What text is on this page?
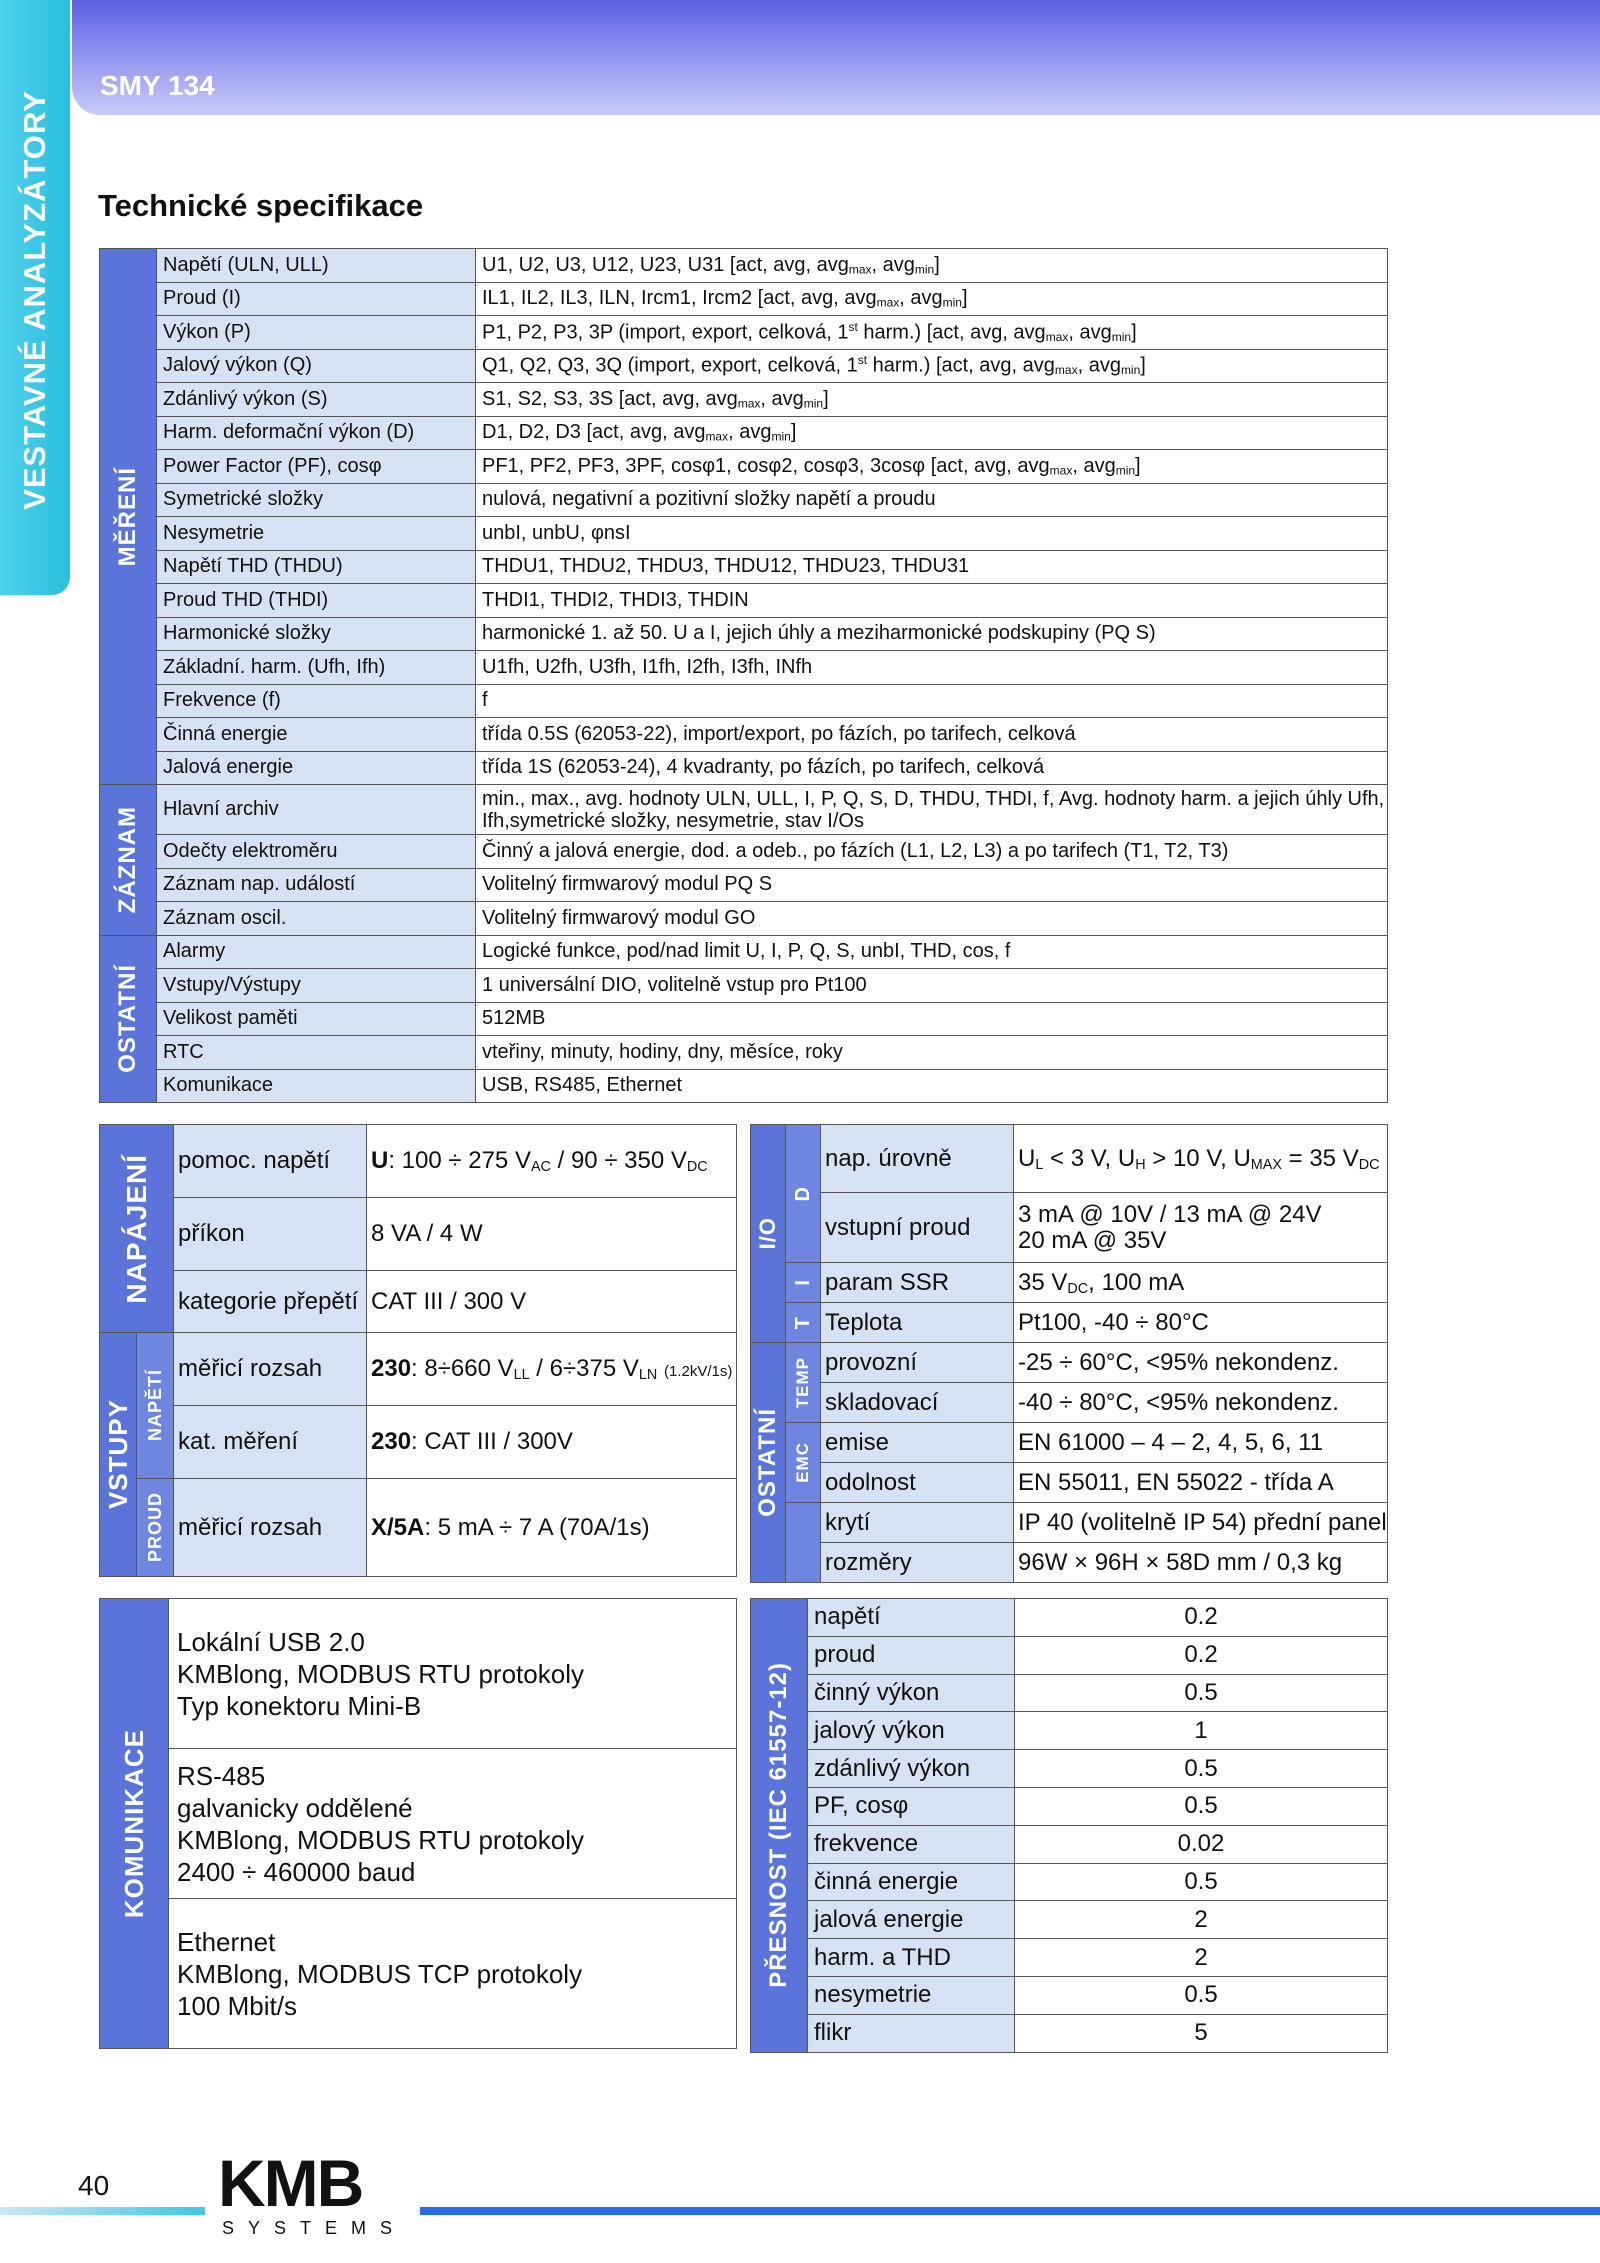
VESTAVNÉ ANALYZÁTORY
SMY 134
Technické specifikace
MĚŘENÍ	Napětí (ULN, ULL)	U1, U2, U3, U12, U23, U31 [act, avg, avg$_{max}$, avg$_{min}$]
	Proud (I)	IL1, IL2, IL3, ILN, Ircm1, Ircm2 [act, avg, avg$_{max}$, avg$_{min}$]
	Výkon (P)	P1, P2, P3, 3P (import, export, celková, 1st harm.) [act, avg, avg$_{max}$, avg$_{min}$]
	Jalový výkon (Q)	Q1, Q2, Q3, 3Q (import, export, celková, 1st harm.) [act, avg, avg$_{max}$, avg$_{min}$]
	Zdánlivý výkon (S)	S1, S2, S3, 3S [act, avg, avg$_{max}$, avg$_{min}$]
	Harm. deformační výkon (D)	D1, D2, D3 [act, avg, avg$_{max}$, avg$_{min}$]
	Power Factor (PF), cosφ	PF1, PF2, PF3, 3PF, cosφ1, cosφ2, cosφ3, 3cosφ [act, avg, avg$_{max}$, avg$_{min}$]
	Symetrické složky	nulová, negativní a pozitivní složky napětí a proudu
	Nesymetrie	unbI, unbU, φnsI
	Napětí THD (THDU)	THDU1, THDU2, THDU3, THDU12, THDU23, THDU31
	Proud THD (THDI)	THDI1, THDI2, THDI3, THDIN
	Harmonické složky	harmonické 1. až 50. U a I, jejich úhly a meziharmonické podskupiny (PQ S)
	Základní. harm. (Ufh, Ifh)	U1fh, U2fh, U3fh, I1fh, I2fh, I3fh, INfh
	Frekvence (f)	f
	Činná energie	třída 0.5S (62053-22), import/export, po fázích, po tarifech, celková
	Jalová energie	třída 1S (62053-24), 4 kvadranty, po fázích, po tarifech, celková

ZÁZNAM	Hlavní archiv	min., max., avg. hodnoty ULN, ULL, I, P, Q, S, D, THDU, THDI, f, Avg. hodnoty harm. a jejich úhly Ufh, Ifh,symetrické složky, nesymetrie, stav I/Os
	Odečty elektroměru	Činný a jalová energie, dod. a odeb., po fázích (L1, L2, L3) a po tarifech (T1, T2, T3)
	Záznam nap. událostí	Volitelný firmwarový modul PQ S
	Záznam oscil.	Volitelný firmwarový modul GO

OSTATNÍ	Alarmy	Logické funkce, pod/nad limit U, I, P, Q, S, unbI, THD, cos, f
	Vstupy/Výstupy	1 universální DIO, volitelně vstup pro Pt100
	Velikost paměti	512MB
	RTC	vteřiny, minuty, hodiny, dny, měsíce, roky
	Komunikace	USB, RS485, Ethernet
NAPÁJENÍ		pomoc. napětí	U: 100 ÷ 275 $V_{AC} / 90 \div 350$ $V_{DC}$
		příkon	8 VA / 4 W
		kategorie přepětí	CAT III / 300 V

VSTUPY	NAPĚTÍ	měřicí rozsah	230: 8÷660 $V_{LL} / 6\div 375$ $V_{LN}$ (1.2kV/1s)
		kat. měření	230: CAT III / 300V

	PROUD	měřicí rozsah	X/5A: 5 mA ÷ 7 A (70A/1s)
I/O	D	nap. úrovně	$U_L < 3$ V, $U_H > 10$ V, $U_{MAX} = 35$ $V_{DC}$
		vstupní proud	3 mA @ 10V / 13 mA @ 24V
20 mA @ 35V

	I	param SSR	35 $V_{DC}$, 100 mA

	T	Teplota	Pt100, -40 ÷ 80°C

OSTATNÍ	TEMP	provozní	-25 ÷ 60°C, <95% nekondenz.
		skladovací	-40 ÷ 80°C, <95% nekondenz.

	EMC	emise	EN 61000 – 4 – 2, 4, 5, 6, 11
		odolnost	EN 55011, EN 55022 - třída A
		krytí	IP 40 (volitelně IP 54) přední panel
		rozměry	96W × 96H × 58D mm / 0,3 kg
KOMUNIKACE

Lokální USB 2.0
KMBlong, MODBUS RTU protokoly
Typ konektoru Mini-B

RS-485
galvanicky oddělené
KMBlong, MODBUS RTU protokoly
2400 ÷ 460000 baud

Ethernet
KMBlong, MODBUS TCP protokoly
100 Mbit/s
PŘESNOST (IEC 61557-12)	napětí	0.2
	proud	0.2
	činný výkon	0.5
	jalový výkon	1
	zdánlivý výkon	0.5
	PF, cosφ	0.5
	frekvence	0.02
	činná energie	0.5
	jalová energie	2
	harm. a THD	2
	nesymetrie	0.5
	flikr	5
40 KMB
SYSTEMS
